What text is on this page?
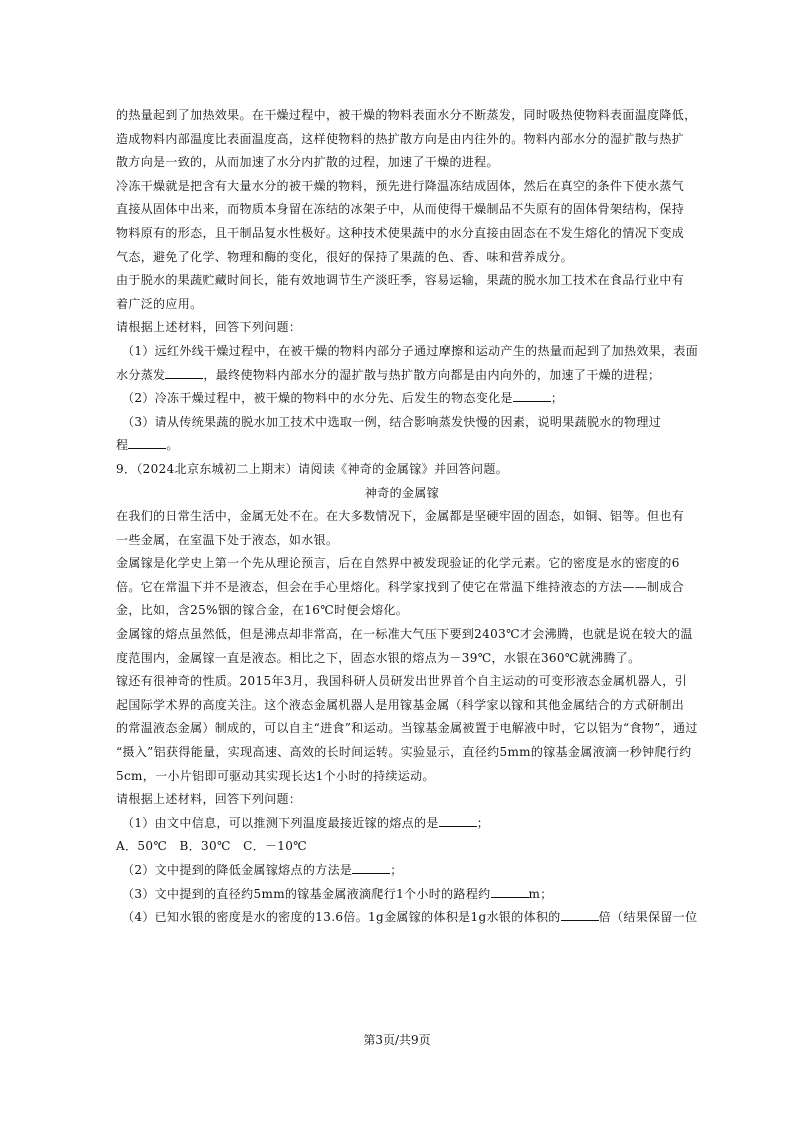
的热量起到了加热效果。在干燥过程中，被干燥的物料表面水分不断蒸发，同时吸热使物料表面温度降低，
造成物料内部温度比表面温度高，这样使物料的热扩散方向是由内往外的。物料内部水分的湿扩散与热扩
散方向是一致的，从而加速了水分内扩散的过程，加速了干燥的进程。
冷冻干燥就是把含有大量水分的被干燥的物料，预先进行降温冻结成固体，然后在真空的条件下使水蒸气
直接从固体中出来，而物质本身留在冻结的冰架子中，从而使得干燥制品不失原有的固体骨架结构，保持
物料原有的形态，且干制品复水性极好。这种技术使果蔬中的水分直接由固态在不发生熔化的情况下变成
气态，避免了化学、物理和酶的变化，很好的保持了果蔬的色、香、味和营养成分。
由于脱水的果蔬贮藏时间长，能有效地调节生产淡旺季，容易运输，果蔬的脱水加工技术在食品行业中有
着广泛的应用。
请根据上述材料，回答下列问题：
（1）远红外线干燥过程中，在被干燥的物料内部分子通过摩擦和运动产生的热量而起到了加热效果，表面
水分蒸发	，最终使物料内部水分的湿扩散与热扩散方向都是由内向外的，加速了干燥的进程；
（2）冷冻干燥过程中，被干燥的物料中的水分先、后发生的物态变化是	；
（3）请从传统果蔬的脱水加工技术中选取一例，结合影响蒸发快慢的因素，说明果蔬脱水的物理过
程	。
9．（2024北京东城初二上期末）请阅读《神奇的金属镓》并回答问题。
神奇的金属镓
在我们的日常生活中，金属无处不在。在大多数情况下，金属都是坚硬牢固的固态，如铜、铝等。但也有
一些金属，在室温下处于液态，如水银。
金属镓是化学史上第一个先从理论预言，后在自然界中被发现验证的化学元素。它的密度是水的密度的6
倍。它在常温下并不是液态，但会在手心里熔化。科学家找到了使它在常温下维持液态的方法——制成合
金，比如，含25%铟的镓合金，在16℃时便会熔化。
金属镓的熔点虽然低，但是沸点却非常高，在一标准大气压下要到2403℃才会沸腾，也就是说在较大的温
度范围内，金属镓一直是液态。相比之下，固态水银的熔点为－39℃，水银在360℃就沸腾了。
镓还有很神奇的性质。2015年3月，我国科研人员研发出世界首个自主运动的可变形液态金属机器人，引
起国际学术界的高度关注。这个液态金属机器人是用镓基金属（科学家以镓和其他金属结合的方式研制出
的常温液态金属）制成的，可以自主“进食”和运动。当镓基金属被置于电解液中时，它以铝为“食物”，通过
“摄入”铝获得能量，实现高速、高效的长时间运转。实验显示，直径约5mm的镓基金属液滴一秒钟爬行约
5cm，一小片铝即可驱动其实现长达1个小时的持续运动。
请根据上述材料，回答下列问题：
（1）由文中信息，可以推测下列温度最接近镓的熔点的是	；
A．50℃　B．30℃　C．－10℃
（2）文中提到的降低金属镓熔点的方法是	；
（3）文中提到的直径约5mm的镓基金属液滴爬行1个小时的路程约	m；
（4）已知水银的密度是水的密度的13.6倍。1g金属镓的体积是1g水银的体积的	倍（结果保留一位
第3页/共9页
